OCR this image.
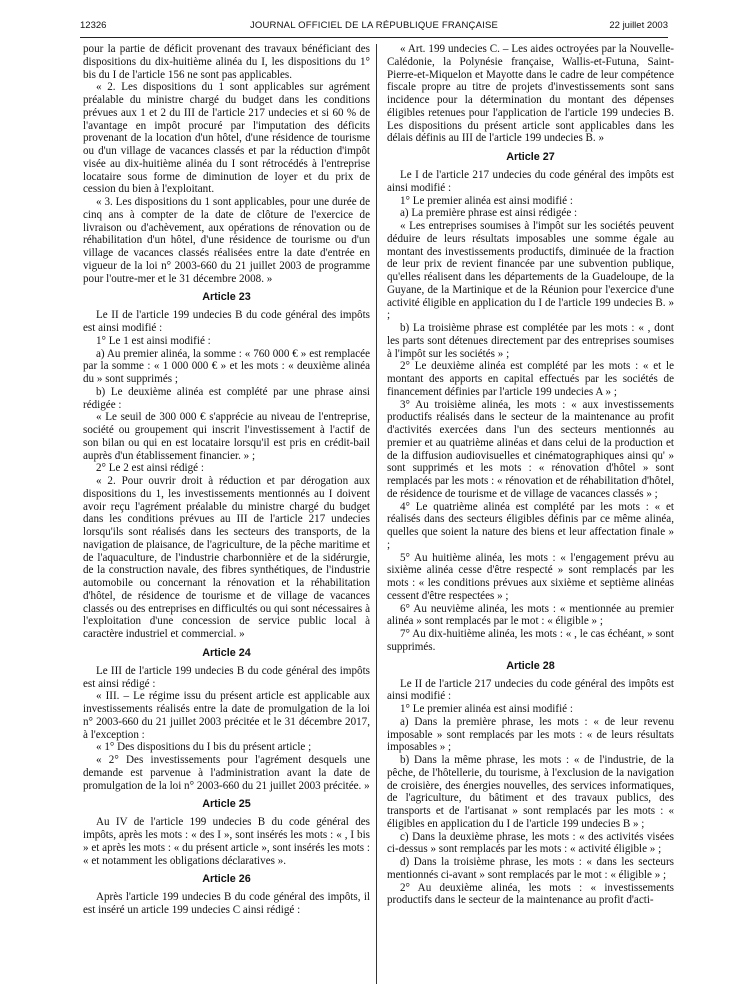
12326	JOURNAL OFFICIEL DE LA RÉPUBLIQUE FRANÇAISE	22 juillet 2003

pour la partie de déficit provenant des travaux bénéficiant des dispositions du dix-huitième alinéa du I, les dispositions du 1° bis du I de l'article 156 ne sont pas applicables.

« 2. Les dispositions du 1 sont applicables sur agrément préalable du ministre chargé du budget dans les conditions prévues aux 1 et 2 du III de l'article 217 undecies et si 60 % de l'avantage en impôt procuré par l'imputation des déficits provenant de la location d'un hôtel, d'une résidence de tourisme ou d'un village de vacances classés et par la réduction d'impôt visée au dix-huitième alinéa du I sont rétrocédés à l'entreprise locataire sous forme de diminution de loyer et du prix de cession du bien à l'exploitant.

« 3. Les dispositions du 1 sont applicables, pour une durée de cinq ans à compter de la date de clôture de l'exercice de livraison ou d'achèvement, aux opérations de rénovation ou de réhabilitation d'un hôtel, d'une résidence de tourisme ou d'un village de vacances classés réalisées entre la date d'entrée en vigueur de la loi n° 2003-660 du 21 juillet 2003 de programme pour l'outre-mer et le 31 décembre 2008. »

Article 23

Le II de l'article 199 undecies B du code général des impôts est ainsi modifié :

1° Le 1 est ainsi modifié :

a) Au premier alinéa, la somme : « 760 000 € » est remplacée par la somme : « 1 000 000 € » et les mots : « deuxième alinéa du » sont supprimés ;

b) Le deuxième alinéa est complété par une phrase ainsi rédigée :

« Le seuil de 300 000 € s'apprécie au niveau de l'entreprise, société ou groupement qui inscrit l'investissement à l'actif de son bilan ou qui en est locataire lorsqu'il est pris en crédit-bail auprès d'un établissement financier. » ;

2° Le 2 est ainsi rédigé :

« 2. Pour ouvrir droit à réduction et par dérogation aux dispositions du 1, les investissements mentionnés au I doivent avoir reçu l'agrément préalable du ministre chargé du budget dans les conditions prévues au III de l'article 217 undecies lorsqu'ils sont réalisés dans les secteurs des transports, de la navigation de plaisance, de l'agriculture, de la pêche maritime et de l'aquaculture, de l'industrie charbonnière et de la sidérurgie, de la construction navale, des fibres synthétiques, de l'industrie automobile ou concernant la rénovation et la réhabilitation d'hôtel, de résidence de tourisme et de village de vacances classés ou des entreprises en difficultés ou qui sont nécessaires à l'exploitation d'une concession de service public local à caractère industriel et commercial. »

Article 24

Le III de l'article 199 undecies B du code général des impôts est ainsi rédigé :

« III. – Le régime issu du présent article est applicable aux investissements réalisés entre la date de promulgation de la loi n° 2003-660 du 21 juillet 2003 précitée et le 31 décembre 2017, à l'exception :

« 1° Des dispositions du I bis du présent article ;

« 2° Des investissements pour l'agrément desquels une demande est parvenue à l'administration avant la date de promulgation de la loi n° 2003-660 du 21 juillet 2003 précitée. »

Article 25

Au IV de l'article 199 undecies B du code général des impôts, après les mots : « des I », sont insérés les mots : « , I bis » et après les mots : « du présent article », sont insérés les mots : « et notamment les obligations déclaratives ».

Article 26

Après l'article 199 undecies B du code général des impôts, il est inséré un article 199 undecies C ainsi rédigé :

« Art. 199 undecies C. – Les aides octroyées par la Nouvelle-Calédonie, la Polynésie française, Wallis-et-Futuna, Saint-Pierre-et-Miquelon et Mayotte dans le cadre de leur compétence fiscale propre au titre de projets d'investissements sont sans incidence pour la détermination du montant des dépenses éligibles retenues pour l'application de l'article 199 undecies B. Les dispositions du présent article sont applicables dans les délais définis au III de l'article 199 undecies B. »

Article 27

Le I de l'article 217 undecies du code général des impôts est ainsi modifié :

1° Le premier alinéa est ainsi modifié :

a) La première phrase est ainsi rédigée :

« Les entreprises soumises à l'impôt sur les sociétés peuvent déduire de leurs résultats imposables une somme égale au montant des investissements productifs, diminuée de la fraction de leur prix de revient financée par une subvention publique, qu'elles réalisent dans les départements de la Guadeloupe, de la Guyane, de la Martinique et de la Réunion pour l'exercice d'une activité éligible en application du I de l'article 199 undecies B. » ;

b) La troisième phrase est complétée par les mots : « , dont les parts sont détenues directement par des entreprises soumises à l'impôt sur les sociétés » ;

2° Le deuxième alinéa est complété par les mots : « et le montant des apports en capital effectués par les sociétés de financement définies par l'article 199 undecies A » ;

3° Au troisième alinéa, les mots : « aux investissements productifs réalisés dans le secteur de la maintenance au profit d'activités exercées dans l'un des secteurs mentionnés au premier et au quatrième alinéas et dans celui de la production et de la diffusion audiovisuelles et cinématographiques ainsi qu' » sont supprimés et les mots : « rénovation d'hôtel » sont remplacés par les mots : « rénovation et de réhabilitation d'hôtel, de résidence de tourisme et de village de vacances classés » ;

4° Le quatrième alinéa est complété par les mots : « et réalisés dans des secteurs éligibles définis par ce même alinéa, quelles que soient la nature des biens et leur affectation finale » ;

5° Au huitième alinéa, les mots : « l'engagement prévu au sixième alinéa cesse d'être respecté » sont remplacés par les mots : « les conditions prévues aux sixième et septième alinéas cessent d'être respectées » ;

6° Au neuvième alinéa, les mots : « mentionnée au premier alinéa » sont remplacés par le mot : « éligible » ;

7° Au dix-huitième alinéa, les mots : « , le cas échéant, » sont supprimés.

Article 28

Le II de l'article 217 undecies du code général des impôts est ainsi modifié :

1° Le premier alinéa est ainsi modifié :

a) Dans la première phrase, les mots : « de leur revenu imposable » sont remplacés par les mots : « de leurs résultats imposables » ;

b) Dans la même phrase, les mots : « de l'industrie, de la pêche, de l'hôtellerie, du tourisme, à l'exclusion de la navigation de croisière, des énergies nouvelles, des services informatiques, de l'agriculture, du bâtiment et des travaux publics, des transports et de l'artisanat » sont remplacés par les mots : « éligibles en application du I de l'article 199 undecies B » ;

c) Dans la deuxième phrase, les mots : « des activités visées ci-dessus » sont remplacés par les mots : « activité éligible » ;

d) Dans la troisième phrase, les mots : « dans les secteurs mentionnés ci-avant » sont remplacés par le mot : « éligible » ;

2° Au deuxième alinéa, les mots : « investissements productifs dans le secteur de la maintenance au profit d'acti-
